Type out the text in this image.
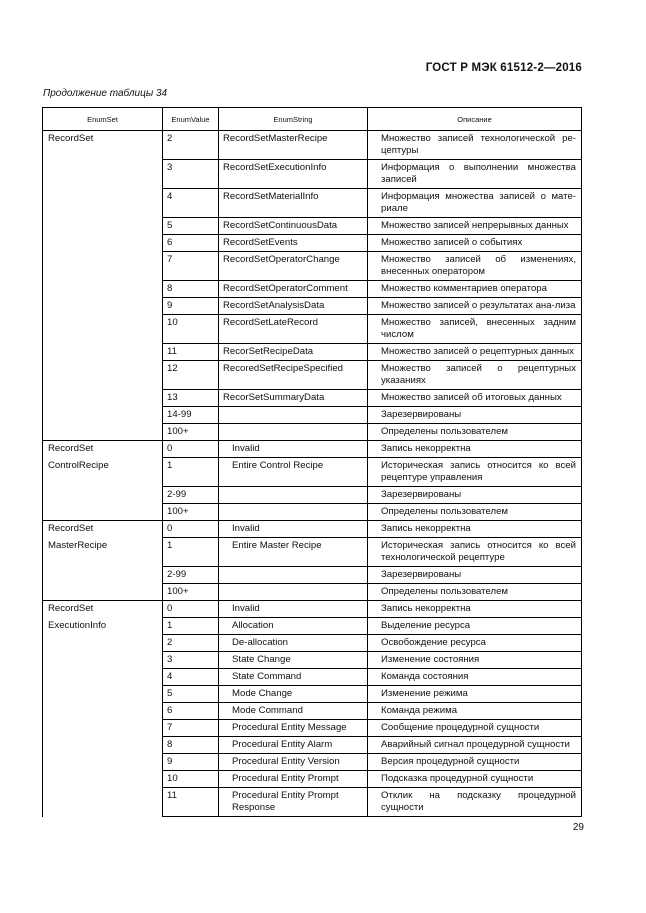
ГОСТ Р МЭК 61512-2—2016
Продолжение таблицы 34
EnumSet	EnumValue	EnumString	Описание
RecordSet	2	RecordSetMasterRecipe	Множество записей технологической ре-цептуры
	3	RecordSetExecutionInfo	Информация о выполнении множества записей
	4	RecordSetMaterialInfo	Информация множества записей о мате-риале
	5	RecordSetContinuousData	Множество записей непрерывных данных
	6	RecordSetEvents	Множество записей о событиях
	7	RecordSetOperatorChange	Множество записей об изменениях, внесенных оператором
	8	RecordSetOperatorComment	Множество комментариев оператора
	9	RecordSetAnalysisData	Множество записей о результатах ана-лиза
	10	RecordSetLateRecord	Множество записей, внесенных задним числом
	11	RecorSetRecipeData	Множество записей о рецептурных данных
	12	RecoredSetRecipeSpecified	Множество записей о рецептурных указаниях
	13	RecorSetSummaryData	Множество записей об итоговых данных
	14-99		Зарезервированы
	100+		Определены пользователем
RecordSet	0	Invalid	Запись некорректна
ControlRecipe	1	Entire Control Recipe	Историческая запись относится ко всей рецептуре управления
	2-99		Зарезервированы
	100+		Определены пользователем
RecordSet	0	Invalid	Запись некорректна
MasterRecipe	1	Entire Master Recipe	Историческая запись относится ко всей технологической рецептуре
	2-99		Зарезервированы
	100+		Определены пользователем
RecordSet	0	Invalid	Запись некорректна
ExecutionInfo	1	Allocation	Выделение ресурса
	2	De-allocation	Освобождение ресурса
	3	State Change	Изменение состояния
	4	State Command	Команда состояния
	5	Mode Change	Изменение режима
	6	Mode Command	Команда режима
	7	Procedural Entity Message	Сообщение процедурной сущности
	8	Procedural Entity Alarm	Аварийный сигнал процедурной сущности
	9	Procedural Entity Version	Версия процедурной сущности
	10	Procedural Entity Prompt	Подсказка процедурной сущности
	11	Procedural Entity Prompt Response	Отклик на подсказку процедурной сущности
29
